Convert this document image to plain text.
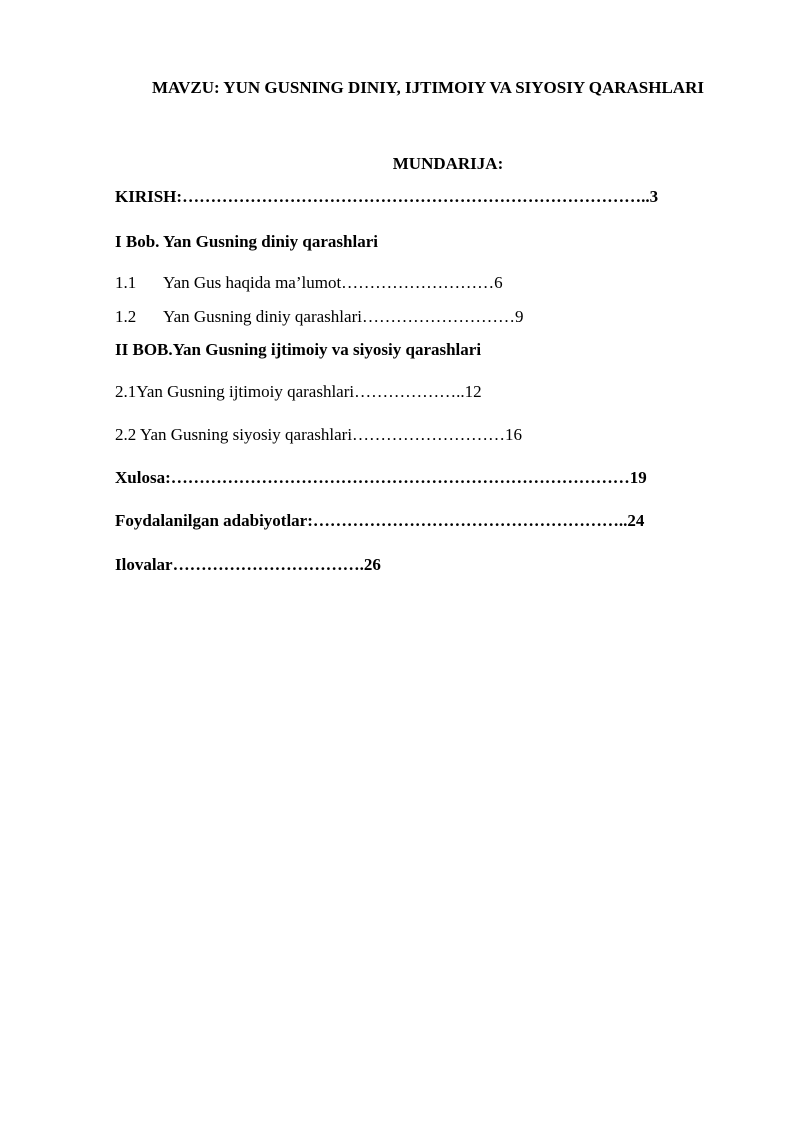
MAVZU: YUN GUSNING DINIY, IJTIMOIY VA SIYOSIY QARASHLARI
MUNDARIJA:
KIRISH:………………………………………………………………………..3
I Bob. Yan Gusning diniy qarashlari
1.1 Yan Gus haqida ma’lumot………………………6
1.2 Yan Gusning diniy qarashlari………………………9
II BOB.Yan Gusning ijtimoiy va siyosiy qarashlari
2.1Yan Gusning ijtimoiy qarashlari………………..12
2.2 Yan Gusning siyosiy qarashlari………………………16
Xulosa:………………………………………………………………………19
Foydalanilgan adabiyotlar:………………………………………………..24
Ilovalar…………………………….26
